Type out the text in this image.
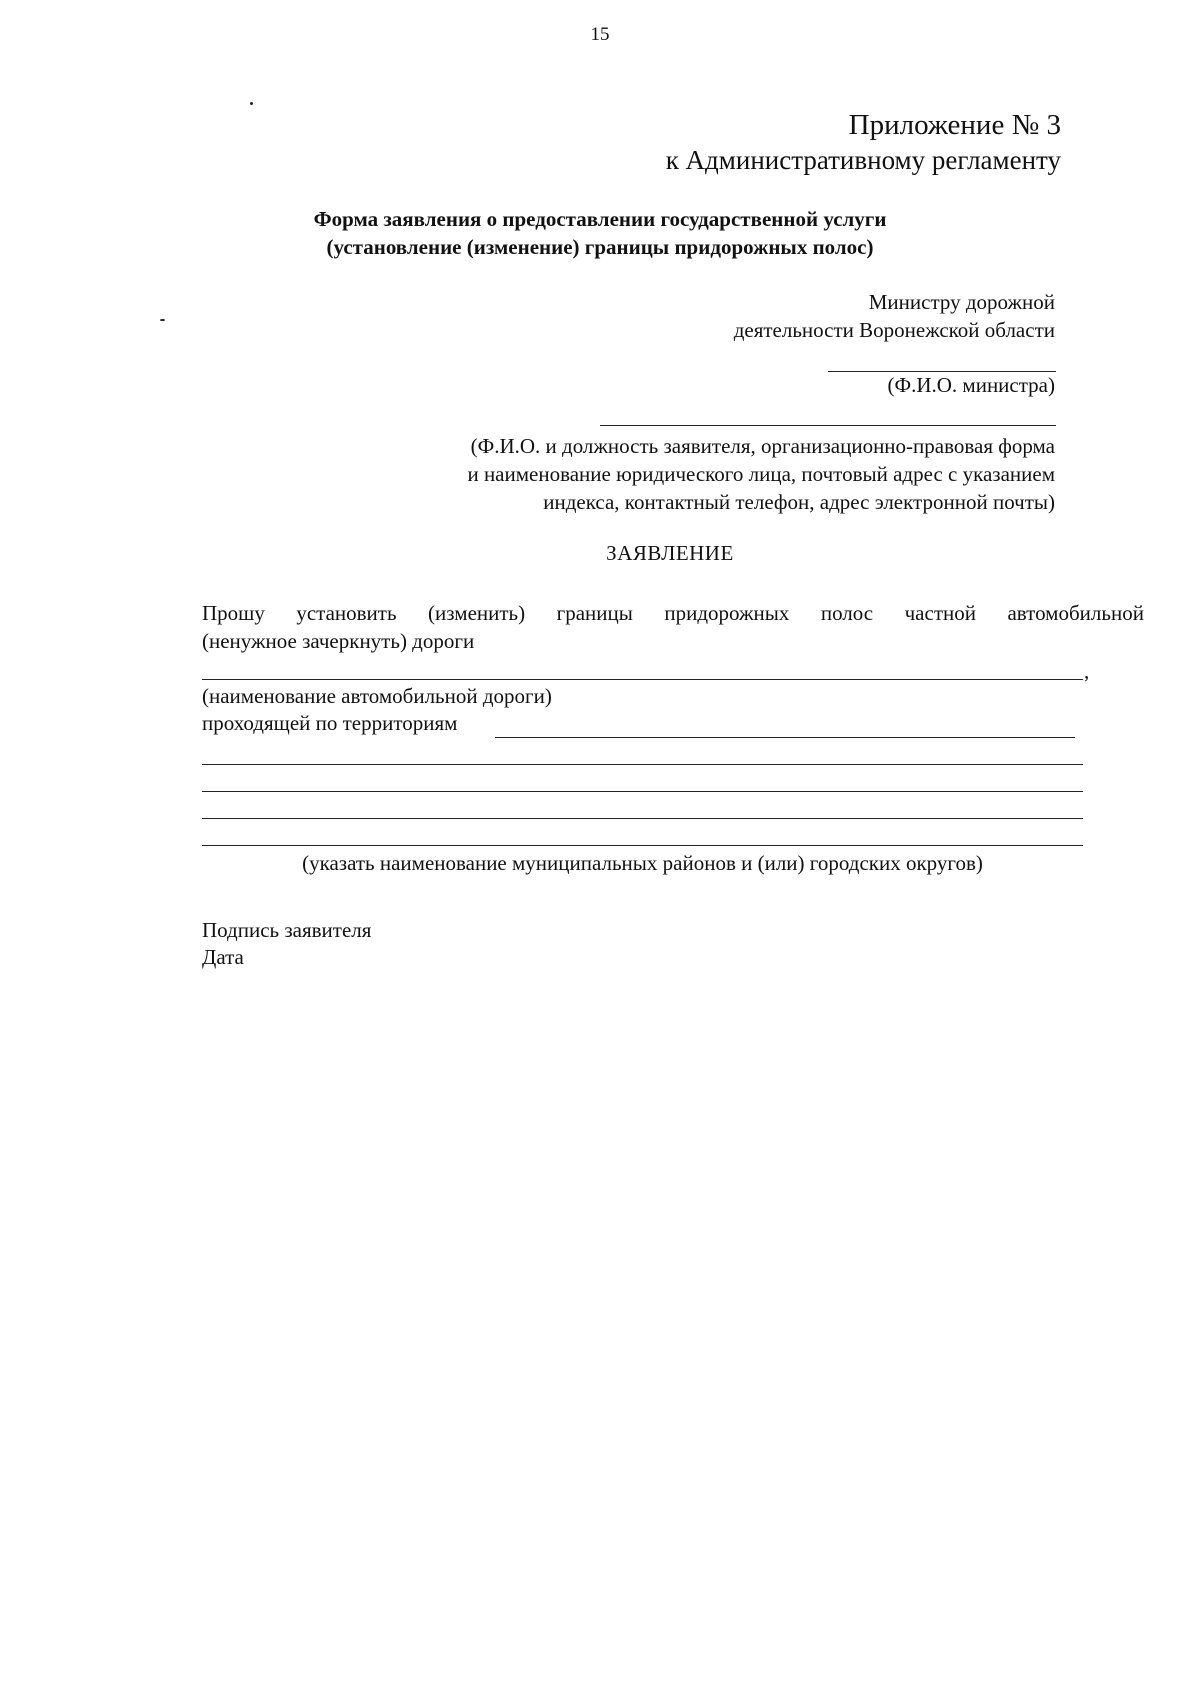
15
Приложение № 3
к Административному регламенту
Форма заявления о предоставлении государственной услуги
(установление (изменение) границы придорожных полос)
Министру дорожной
деятельности Воронежской области
(Ф.И.О. министра)
(Ф.И.О. и должность заявителя, организационно-правовая форма
и наименование юридического лица, почтовый адрес с указанием
индекса, контактный телефон, адрес электронной почты)
ЗАЯВЛЕНИЕ
Прошу установить (изменить) границы придорожных полос частной автомобильной
(ненужное зачеркнуть) дороги
,
(наименование автомобильной дороги)
проходящей по территориям
(указать наименование муниципальных районов и (или) городских округов)
Подпись заявителя
Дата
